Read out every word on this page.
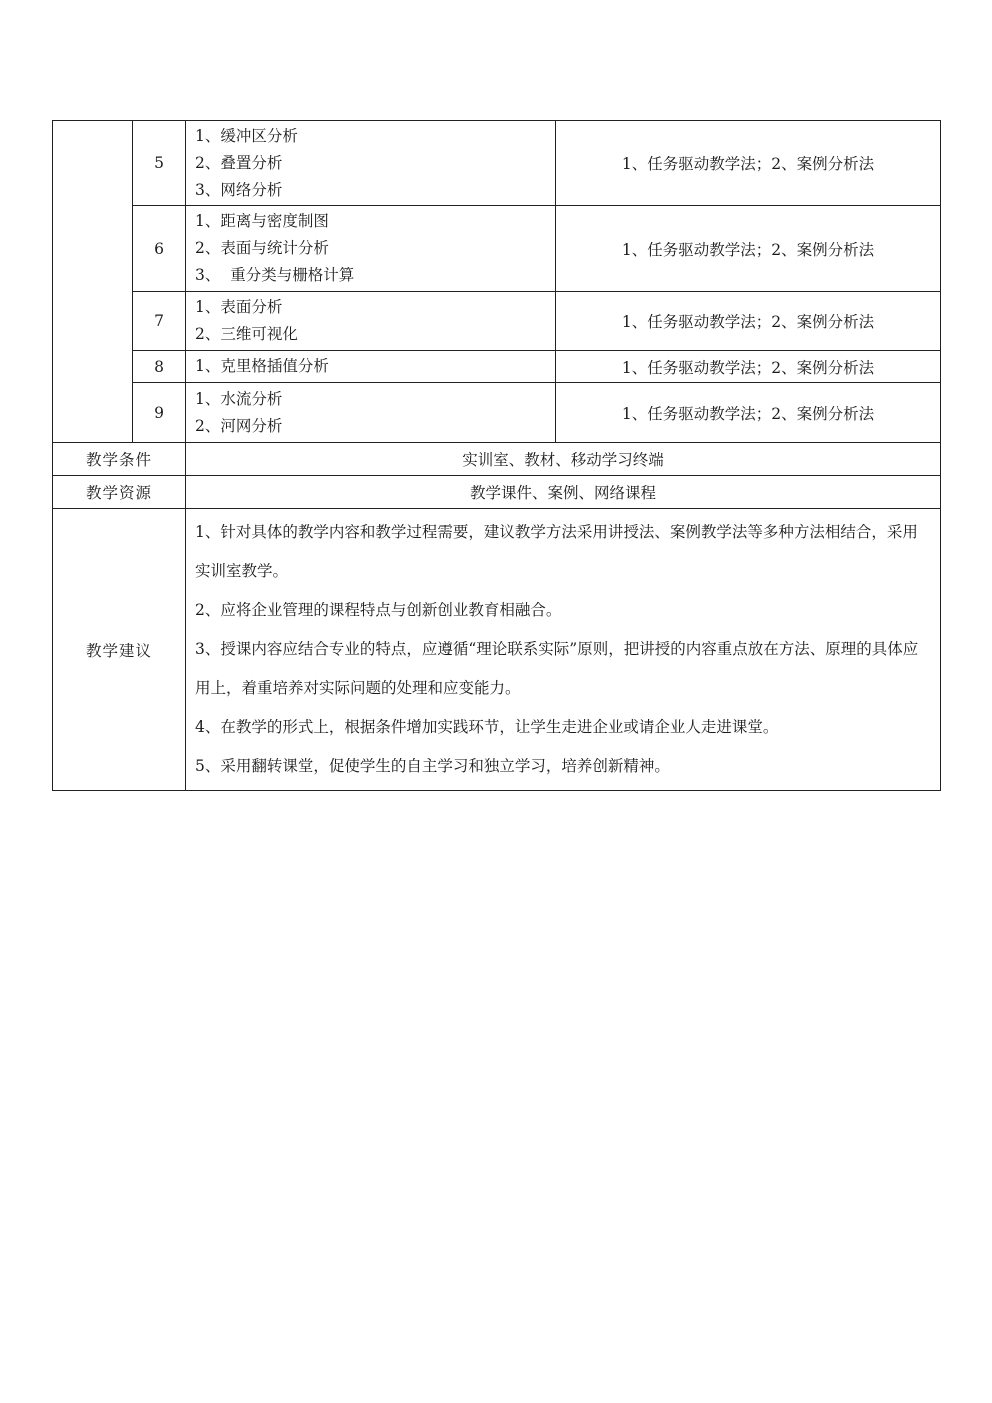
	5	1、缓冲区分析
2、叠置分析
3、网络分析	1、任务驱动教学法；2、案例分析法
	6	1、距离与密度制图
2、表面与统计分析
3、  重分类与栅格计算	1、任务驱动教学法；2、案例分析法
	7	1、表面分析
2、三维可视化	1、任务驱动教学法；2、案例分析法
	8	1、克里格插值分析	1、任务驱动教学法；2、案例分析法
	9	1、水流分析
2、河网分析	1、任务驱动教学法；2、案例分析法
教学条件		实训室、教材、移动学习终端	
教学资源		教学课件、案例、网络课程	
教学建议		1、针对具体的教学内容和教学过程需要，建议教学方法采用讲授法、案例教学法等多种方法相结合，采用实训室教学。

2、应将企业管理的课程特点与创新创业教育相融合。

3、授课内容应结合专业的特点，应遵循“理论联系实际”原则，把讲授的内容重点放在方法、原理的具体应用上，着重培养对实际问题的处理和应变能力。

4、在教学的形式上，根据条件增加实践环节，让学生走进企业或请企业人走进课堂。

5、采用翻转课堂，促使学生的自主学习和独立学习，培养创新精神。	
